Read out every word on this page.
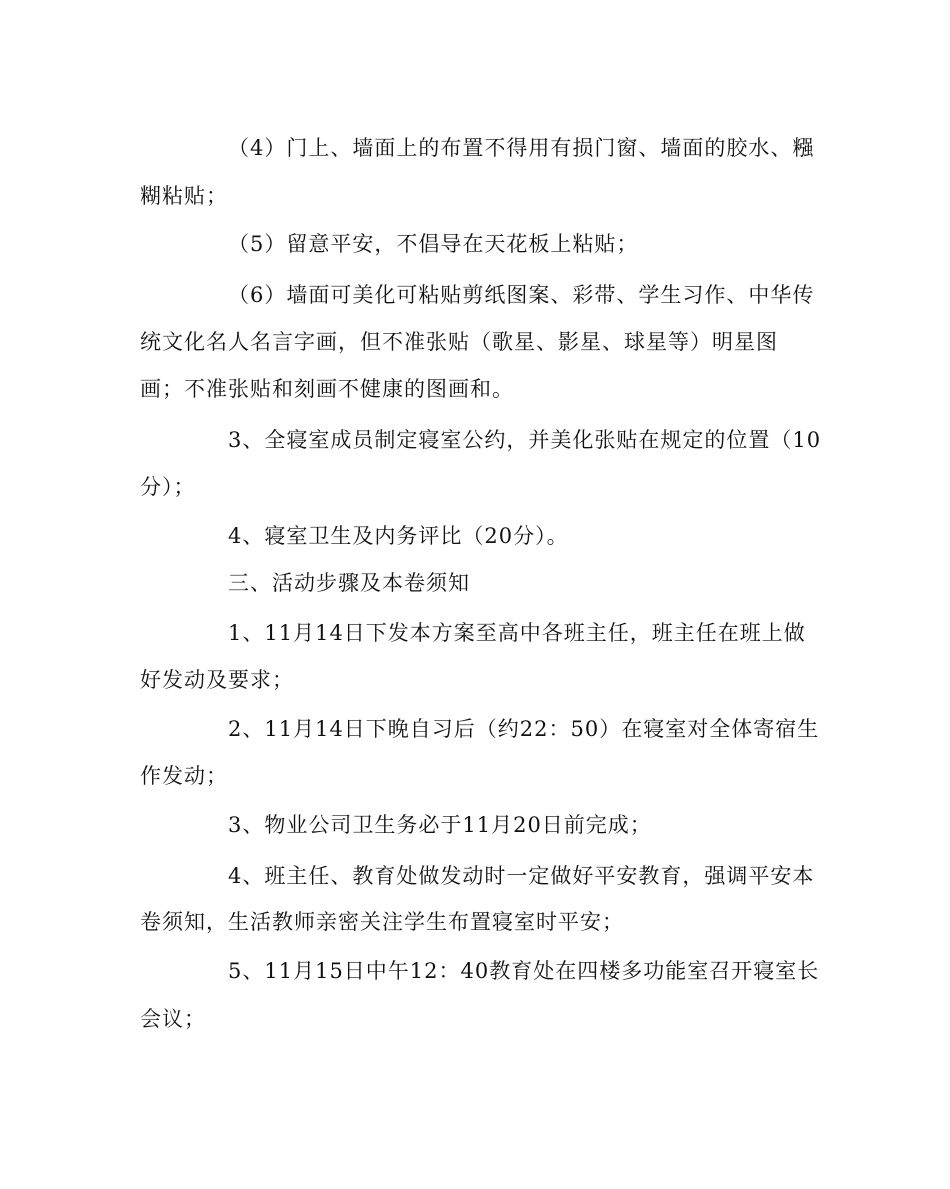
（4）门上、墙面上的布置不得用有损门窗、墙面的胶水、糨
糊粘贴；
（5）留意平安，不倡导在天花板上粘贴；
（6）墙面可美化可粘贴剪纸图案、彩带、学生习作、中华传
统文化名人名言字画，但不准张贴（歌星、影星、球星等）明星图
画；不准张贴和刻画不健康的图画和。
3、全寝室成员制定寝室公约，并美化张贴在规定的位置（10
分）；
4、寝室卫生及内务评比（20分）。
三、活动步骤及本卷须知
1、11月14日下发本方案至高中各班主任，班主任在班上做
好发动及要求；
2、11月14日下晚自习后（约22：50）在寝室对全体寄宿生
作发动；
3、物业公司卫生务必于11月20日前完成；
4、班主任、教育处做发动时一定做好平安教育，强调平安本
卷须知，生活教师亲密关注学生布置寝室时平安；
5、11月15日中午12：40教育处在四楼多功能室召开寝室长
会议；
